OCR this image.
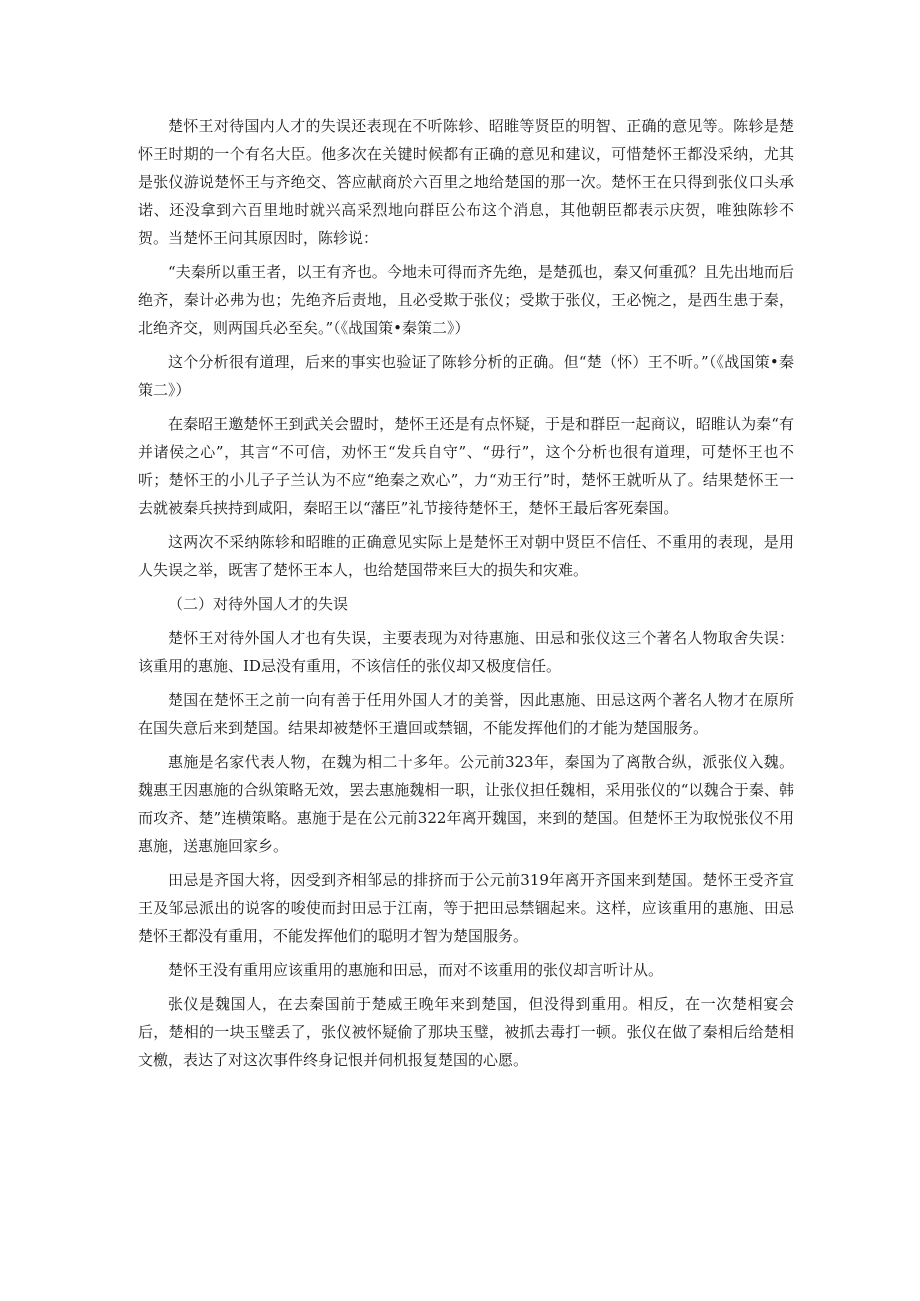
楚怀王对待国内人才的失误还表现在不听陈轸、昭睢等贤臣的明智、正确的意见等。陈轸是楚怀王时期的一个有名大臣。他多次在关键时候都有正确的意见和建议，可惜楚怀王都没采纳，尤其是张仪游说楚怀王与齐绝交、答应献商於六百里之地给楚国的那一次。楚怀王在只得到张仪口头承诺、还没拿到六百里地时就兴高采烈地向群臣公布这个消息，其他朝臣都表示庆贺，唯独陈轸不贺。当楚怀王问其原因时，陈轸说：

“夫秦所以重王者，以王有齐也。今地未可得而齐先绝，是楚孤也，秦又何重孤？且先出地而后绝齐，秦计必弗为也；先绝齐后责地，且必受欺于张仪；受欺于张仪，王必惋之，是西生患于秦，北绝齐交，则两国兵必至矣。”（《战国策•秦策二》）

这个分析很有道理，后来的事实也验证了陈轸分析的正确。但“楚（怀）王不听。”（《战国策•秦策二》）

在秦昭王邀楚怀王到武关会盟时，楚怀王还是有点怀疑，于是和群臣一起商议，昭睢认为秦“有并诸侯之心”，其言“不可信，劝怀王“发兵自守”、“毋行”，这个分析也很有道理，可楚怀王也不听；楚怀王的小儿子子兰认为不应“绝秦之欢心”，力“劝王行”时，楚怀王就听从了。结果楚怀王一去就被秦兵挟持到咸阳，秦昭王以“藩臣”礼节接待楚怀王，楚怀王最后客死秦国。

这两次不采纳陈轸和昭睢的正确意见实际上是楚怀王对朝中贤臣不信任、不重用的表现，是用人失误之举，既害了楚怀王本人，也给楚国带来巨大的损失和灾难。

（二）对待外国人才的失误

楚怀王对待外国人才也有失误，主要表现为对待惠施、田忌和张仪这三个著名人物取舍失误：该重用的惠施、ID忌没有重用，不该信任的张仪却又极度信任。

楚国在楚怀王之前一向有善于任用外国人才的美誉，因此惠施、田忌这两个著名人物才在原所在国失意后来到楚国。结果却被楚怀王遣回或禁锢，不能发挥他们的才能为楚国服务。

惠施是名家代表人物，在魏为相二十多年。公元前323年，秦国为了离散合纵，派张仪入魏。魏惠王因惠施的合纵策略无效，罢去惠施魏相一职，让张仪担任魏相，采用张仪的“以魏合于秦、韩而攻齐、楚”连横策略。惠施于是在公元前322年离开魏国，来到的楚国。但楚怀王为取悦张仪不用惠施，送惠施回家乡。

田忌是齐国大将，因受到齐相邹忌的排挤而于公元前319年离开齐国来到楚国。楚怀王受齐宣王及邹忌派出的说客的唆使而封田忌于江南，等于把田忌禁锢起来。这样，应该重用的惠施、田忌楚怀王都没有重用，不能发挥他们的聪明才智为楚国服务。

楚怀王没有重用应该重用的惠施和田忌，而对不该重用的张仪却言听计从。

张仪是魏国人，在去秦国前于楚威王晚年来到楚国，但没得到重用。相反，在一次楚相宴会后，楚相的一块玉璧丢了，张仪被怀疑偷了那块玉璧，被抓去毒打一顿。张仪在做了秦相后给楚相文檄，表达了对这次事件终身记恨并伺机报复楚国的心愿。
